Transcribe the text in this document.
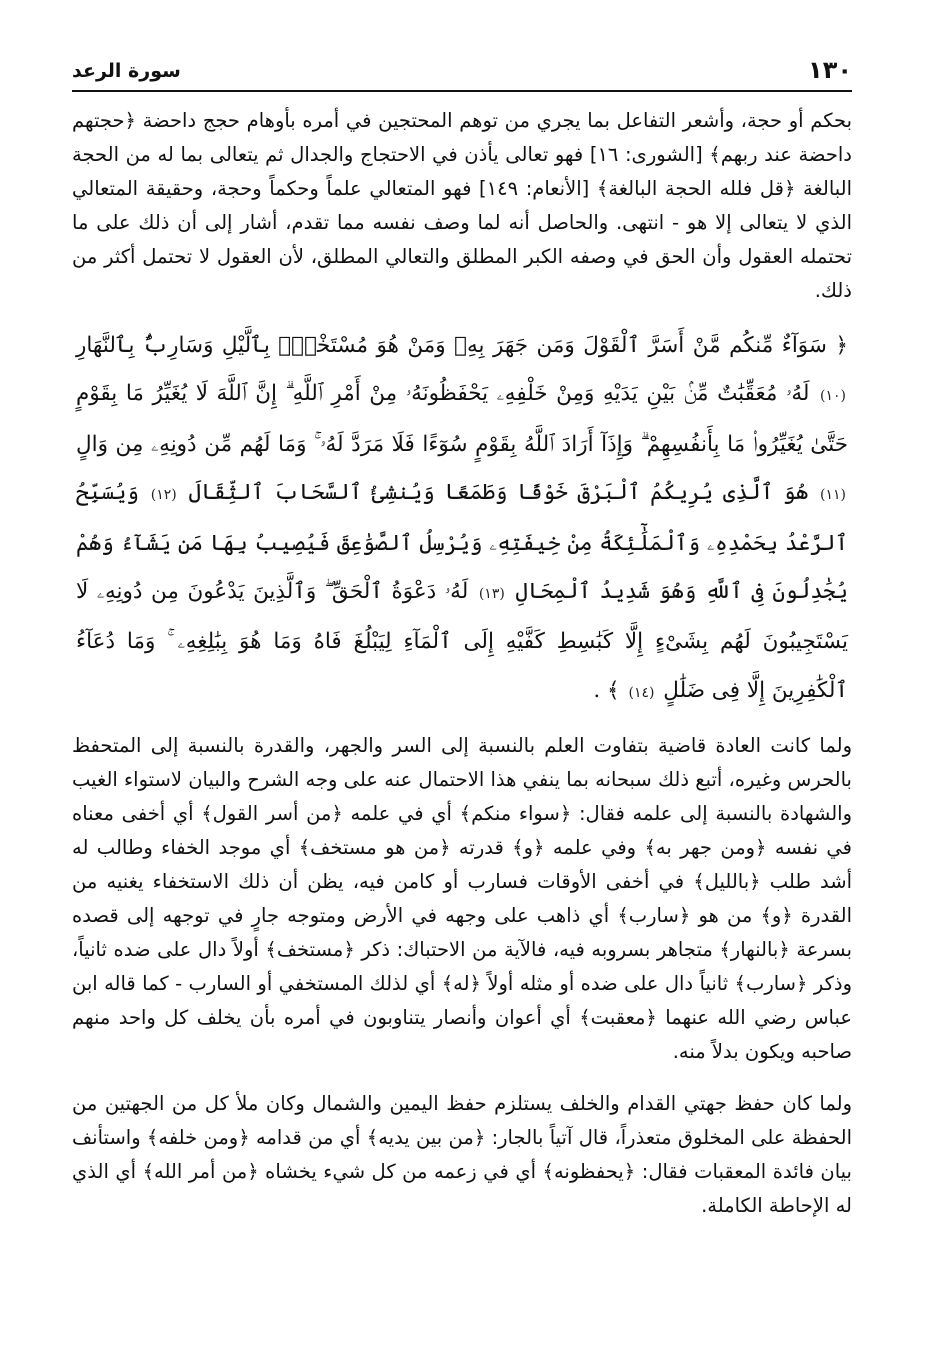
١٣٠
سورة الرعد

بحكم أو حجة، وأشعر التفاعل بما يجري من توهم المحتجين في أمره بأوهام حجج داحضة ﴿حجتهم داحضة عند ربهم﴾ [الشورى: ١٦] فهو تعالى يأذن في الاحتجاج والجدال ثم يتعالى بما له من الحجة البالغة ﴿قل فلله الحجة البالغة﴾ [الأنعام: ١٤٩] فهو المتعالي علماً وحكماً وحجة، وحقيقة المتعالي الذي لا يتعالى إلا هو - انتهى. والحاصل أنه لما وصف نفسه مما تقدم، أشار إلى أن ذلك على ما تحتمله العقول وأن الحق في وصفه الكبر المطلق والتعالي المطلق، لأن العقول لا تحتمل أكثر من ذلك.

﴿ سَوَآءٌ مِّنكُم مَّنْ أَسَرَّ ٱلْقَوْلَ وَمَن جَهَرَ بِهِۦ وَمَنْ هُوَ مُسْتَخْفٍۭ بِٱلَّيْلِ وَسَارِبٌۢ بِٱلنَّهَارِ (١٠) لَهُۥ مُعَقِّبَٰتٌ مِّنۢ بَيْنِ يَدَيْهِ وَمِنْ خَلْفِهِۦ يَحْفَظُونَهُۥ مِنْ أَمْرِ ٱللَّهِ ۗ إِنَّ ٱللَّهَ لَا يُغَيِّرُ مَا بِقَوْمٍ حَتَّىٰ يُغَيِّرُوا۟ مَا بِأَنفُسِهِمْ ۗ وَإِذَآ أَرَادَ ٱللَّهُ بِقَوْمٍ سُوٓءًا فَلَا مَرَدَّ لَهُۥ ۚ وَمَا لَهُم مِّن دُونِهِۦ مِن وَالٍ (١١) هُوَ ٱلَّذِى يُرِيكُمُ ٱلْبَرْقَ خَوْفًا وَطَمَعًا وَيُنشِئُ ٱلسَّحَابَ ٱلثِّقَالَ (١٢) وَيُسَبِّحُ ٱلرَّعْدُ بِحَمْدِهِۦ وَٱلْمَلَٰٓئِكَةُ مِنْ خِيفَتِهِۦ وَيُرْسِلُ ٱلصَّوَٰعِقَ فَيُصِيبُ بِهَا مَن يَشَآءُ وَهُمْ يُجَٰدِلُونَ فِى ٱللَّهِ وَهُوَ شَدِيدُ ٱلْمِحَالِ (١٣) لَهُۥ دَعْوَةُ ٱلْحَقِّ ۖ وَٱلَّذِينَ يَدْعُونَ مِن دُونِهِۦ لَا يَسْتَجِيبُونَ لَهُم بِشَىْءٍ إِلَّا كَبَٰسِطِ كَفَّيْهِ إِلَى ٱلْمَآءِ لِيَبْلُغَ فَاهُ وَمَا هُوَ بِبَٰلِغِهِۦ ۚ وَمَا دُعَآءُ ٱلْكَٰفِرِينَ إِلَّا فِى ضَلَٰلٍ (١٤) ﴾ .

ولما كانت العادة قاضية بتفاوت العلم بالنسبة إلى السر والجهر، والقدرة بالنسبة إلى المتحفظ بالحرس وغيره، أتبع ذلك سبحانه بما ينفي هذا الاحتمال عنه على وجه الشرح والبيان لاستواء الغيب والشهادة بالنسبة إلى علمه فقال: ﴿سواء منكم﴾ أي في علمه ﴿من أسر القول﴾ أي أخفى معناه في نفسه ﴿ومن جهر به﴾ وفي علمه ﴿و﴾ قدرته ﴿من هو مستخف﴾ أي موجد الخفاء وطالب له أشد طلب ﴿بالليل﴾ في أخفى الأوقات فسارب أو كامن فيه، يظن أن ذلك الاستخفاء يغنيه من القدرة ﴿و﴾ من هو ﴿سارب﴾ أي ذاهب على وجهه في الأرض ومتوجه جارٍ في توجهه إلى قصده بسرعة ﴿بالنهار﴾ متجاهر بسروبه فيه، فالآية من الاحتباك: ذكر ﴿مستخف﴾ أولاً دال على ضده ثانياً، وذكر ﴿سارب﴾ ثانياً دال على ضده أو مثله أولاً ﴿له﴾ أي لذلك المستخفي أو السارب - كما قاله ابن عباس رضي الله عنهما ﴿معقبت﴾ أي أعوان وأنصار يتناوبون في أمره بأن يخلف كل واحد منهم صاحبه ويكون بدلاً منه.

ولما كان حفظ جهتي القدام والخلف يستلزم حفظ اليمين والشمال وكان ملأ كل من الجهتين من الحفظة على المخلوق متعذراً، قال آتياً بالجار: ﴿من بين يديه﴾ أي من قدامه ﴿ومن خلفه﴾ واستأنف بيان فائدة المعقبات فقال: ﴿يحفظونه﴾ أي في زعمه من كل شيء يخشاه ﴿من أمر الله﴾ أي الذي له الإحاطة الكاملة.
